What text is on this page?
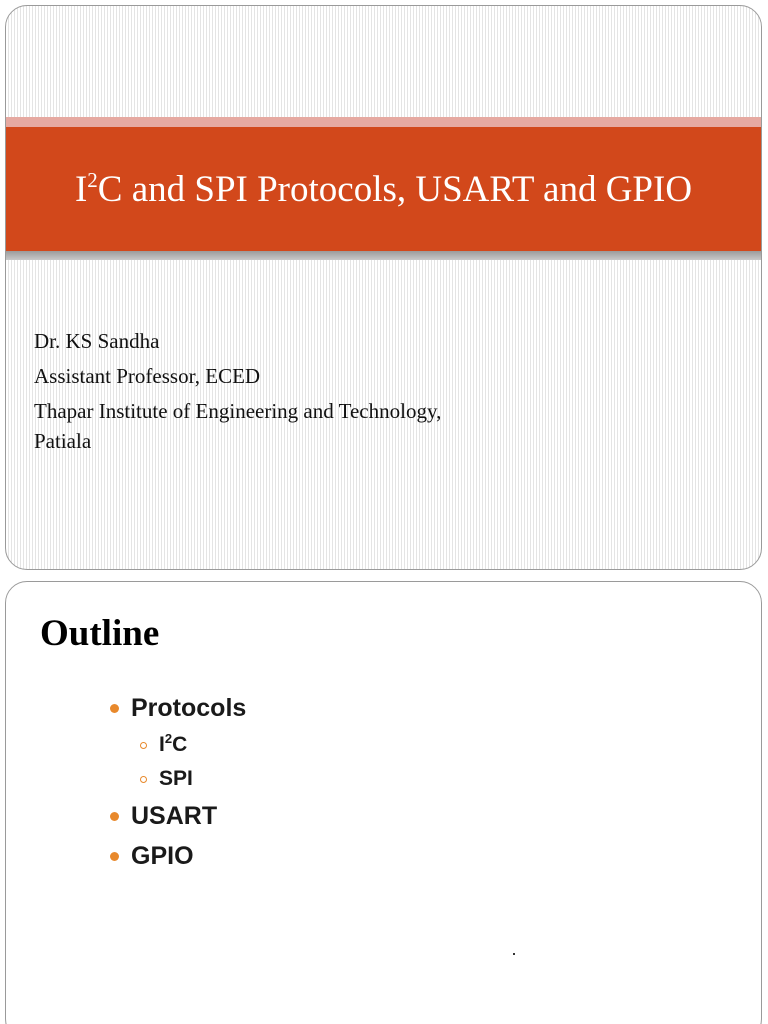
$I^2C$ and SPI Protocols, USART and GPIO
Dr. KS Sandha
Assistant Professor, ECED
Thapar Institute of Engineering and Technology,
Patiala
Outline
Protocols
$I^2C$
SPI
USART
GPIO
